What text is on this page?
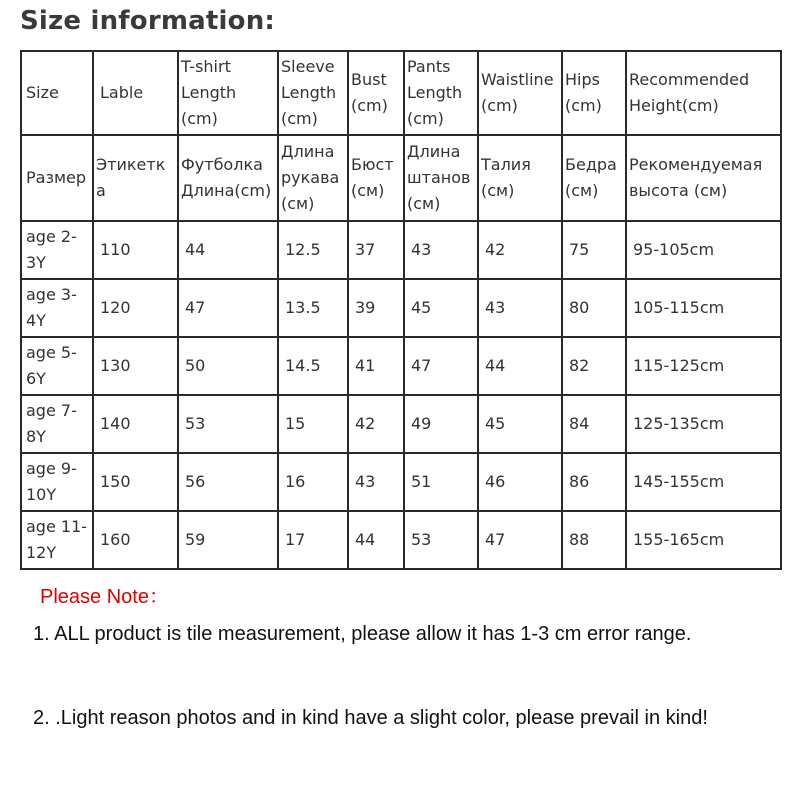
Size information:
Size	Lable	T-shirt Length (cm)	Sleeve Length (cm)	Bust (cm)	Pants Length (cm)	Waistline (cm)	Hips (cm)	Recommended Height(cm)
Размер	Этикетка	Футболка Длина(cm)	Длина рукава (см)	Бюст (см)	Длина штанов (см)	Талия (см)	Бедра (см)	Рекомендуемая высота (см)
age 2-3Y	110	44	12.5	37	43	42	75	95-105cm
age 3-4Y	120	47	13.5	39	45	43	80	105-115cm
age 5-6Y	130	50	14.5	41	47	44	82	115-125cm
age 7-8Y	140	53	15	42	49	45	84	125-135cm
age 9-10Y	150	56	16	43	51	46	86	145-155cm
age 11-12Y	160	59	17	44	53	47	88	155-165cm
Please Note：
1. ALL product is tile measurement, please allow it has 1-3 cm error range.
2. .Light reason photos and in kind have a slight color, please prevail in kind!
